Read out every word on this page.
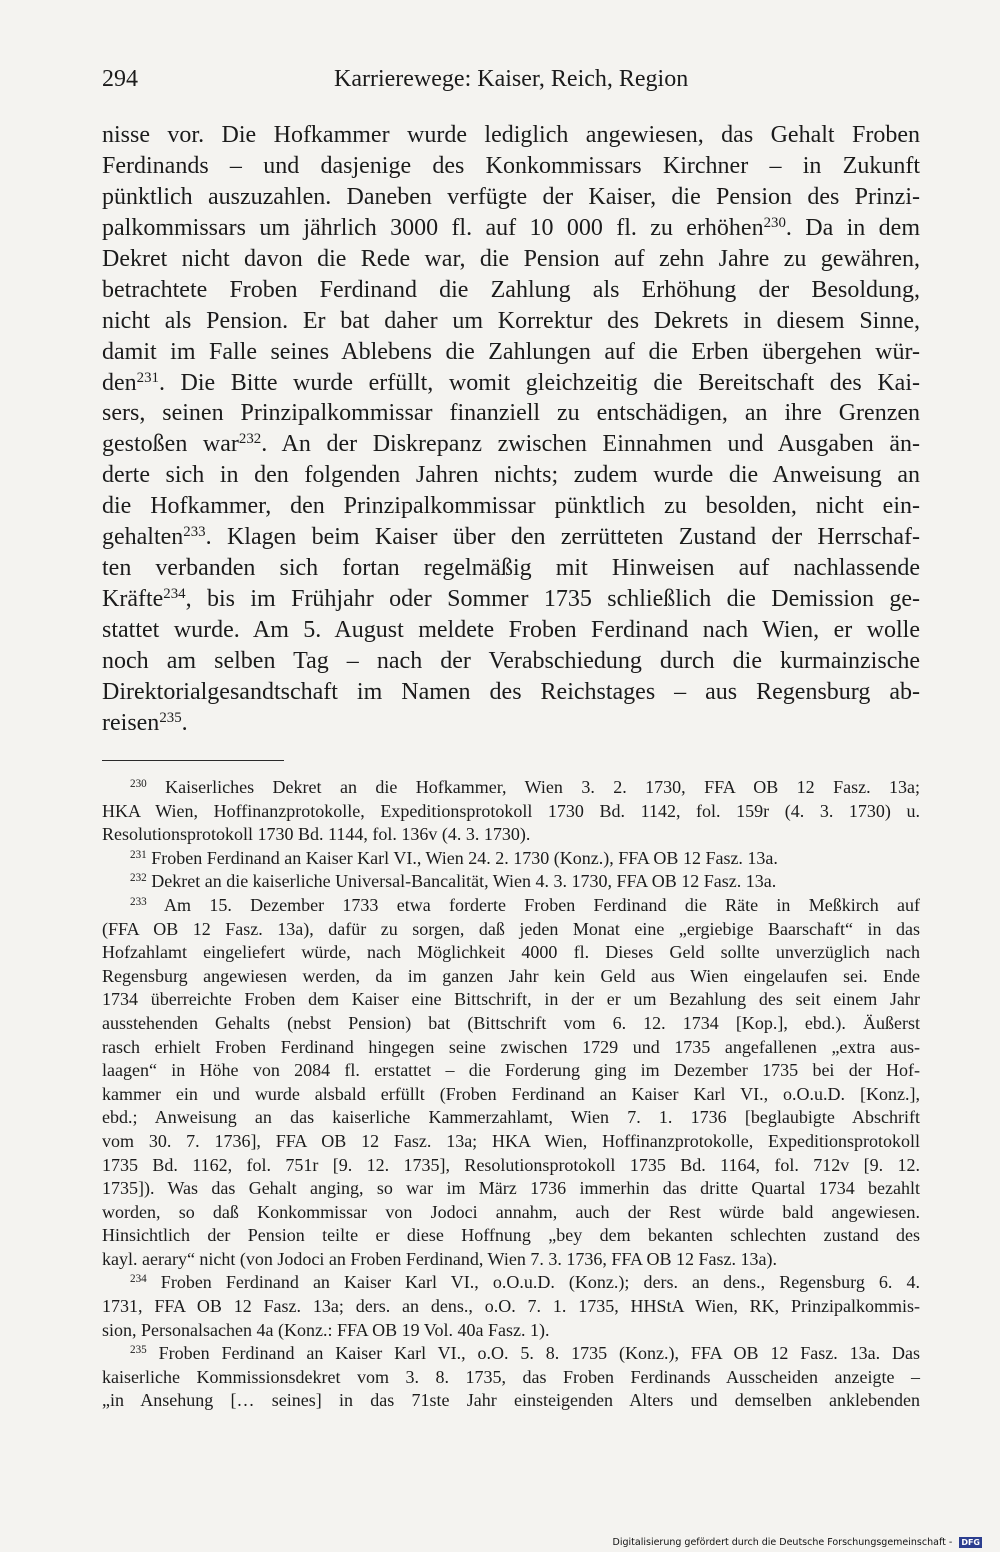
294	Karrierewege: Kaiser, Reich, Region
nisse vor. Die Hofkammer wurde lediglich angewiesen, das Gehalt Froben
Ferdinands – und dasjenige des Konkommissars Kirchner – in Zukunft
pünktlich auszuzahlen. Daneben verfügte der Kaiser, die Pension des Prinzi-
palkommissars um jährlich 3000 fl. auf 10 000 fl. zu erhöhen$^{230}$. Da in dem
Dekret nicht davon die Rede war, die Pension auf zehn Jahre zu gewähren,
betrachtete Froben Ferdinand die Zahlung als Erhöhung der Besoldung,
nicht als Pension. Er bat daher um Korrektur des Dekrets in diesem Sinne,
damit im Falle seines Ablebens die Zahlungen auf die Erben übergehen wür-
den$^{231}$. Die Bitte wurde erfüllt, womit gleichzeitig die Bereitschaft des Kai-
sers, seinen Prinzipalkommissar finanziell zu entschädigen, an ihre Grenzen
gestoßen war$^{232}$. An der Diskrepanz zwischen Einnahmen und Ausgaben än-
derte sich in den folgenden Jahren nichts; zudem wurde die Anweisung an
die Hofkammer, den Prinzipalkommissar pünktlich zu besolden, nicht ein-
gehalten$^{233}$. Klagen beim Kaiser über den zerrütteten Zustand der Herrschaf-
ten verbanden sich fortan regelmäßig mit Hinweisen auf nachlassende
Kräfte$^{234}$, bis im Frühjahr oder Sommer 1735 schließlich die Demission ge-
stattet wurde. Am 5. August meldete Froben Ferdinand nach Wien, er wolle
noch am selben Tag – nach der Verabschiedung durch die kurmainzische
Direktorialgesandtschaft im Namen des Reichstages – aus Regensburg ab-
reisen$^{235}$.
$^{230}$ Kaiserliches Dekret an die Hofkammer, Wien 3. 2. 1730, FFA OB 12 Fasz. 13a;
HKA Wien, Hoffinanzprotokolle, Expeditionsprotokoll 1730 Bd. 1142, fol. 159r (4. 3. 1730) u.
Resolutionsprotokoll 1730 Bd. 1144, fol. 136v (4. 3. 1730).
$^{231}$ Froben Ferdinand an Kaiser Karl VI., Wien 24. 2. 1730 (Konz.), FFA OB 12 Fasz. 13a.
$^{232}$ Dekret an die kaiserliche Universal-Bancalität, Wien 4. 3. 1730, FFA OB 12 Fasz. 13a.
$^{233}$ Am 15. Dezember 1733 etwa forderte Froben Ferdinand die Räte in Meßkirch auf
(FFA OB 12 Fasz. 13a), dafür zu sorgen, daß jeden Monat eine „ergiebige Baarschaft“ in das
Hofzahlamt eingeliefert würde, nach Möglichkeit 4000 fl. Dieses Geld sollte unverzüglich nach
Regensburg angewiesen werden, da im ganzen Jahr kein Geld aus Wien eingelaufen sei. Ende
1734 überreichte Froben dem Kaiser eine Bittschrift, in der er um Bezahlung des seit einem Jahr
ausstehenden Gehalts (nebst Pension) bat (Bittschrift vom 6. 12. 1734 [Kop.], ebd.). Äußerst
rasch erhielt Froben Ferdinand hingegen seine zwischen 1729 und 1735 angefallenen „extra aus-
laagen“ in Höhe von 2084 fl. erstattet – die Forderung ging im Dezember 1735 bei der Hof-
kammer ein und wurde alsbald erfüllt (Froben Ferdinand an Kaiser Karl VI., o.O.u.D. [Konz.],
ebd.; Anweisung an das kaiserliche Kammerzahlamt, Wien 7. 1. 1736 [beglaubigte Abschrift
vom 30. 7. 1736], FFA OB 12 Fasz. 13a; HKA Wien, Hoffinanzprotokolle, Expeditionsprotokoll
1735 Bd. 1162, fol. 751r [9. 12. 1735], Resolutionsprotokoll 1735 Bd. 1164, fol. 712v [9. 12.
1735]). Was das Gehalt anging, so war im März 1736 immerhin das dritte Quartal 1734 bezahlt
worden, so daß Konkommissar von Jodoci annahm, auch der Rest würde bald angewiesen.
Hinsichtlich der Pension teilte er diese Hoffnung „bey dem bekanten schlechten zustand des
kayl. aerary“ nicht (von Jodoci an Froben Ferdinand, Wien 7. 3. 1736, FFA OB 12 Fasz. 13a).
$^{234}$ Froben Ferdinand an Kaiser Karl VI., o.O.u.D. (Konz.); ders. an dens., Regensburg 6. 4.
1731, FFA OB 12 Fasz. 13a; ders. an dens., o.O. 7. 1. 1735, HHStA Wien, RK, Prinzipalkommis-
sion, Personalsachen 4a (Konz.: FFA OB 19 Vol. 40a Fasz. 1).
$^{235}$ Froben Ferdinand an Kaiser Karl VI., o.O. 5. 8. 1735 (Konz.), FFA OB 12 Fasz. 13a. Das
kaiserliche Kommissionsdekret vom 3. 8. 1735, das Froben Ferdinands Ausscheiden anzeigte –
„in Ansehung [… seines] in das 71ste Jahr einsteigenden Alters und demselben anklebenden
Digitalisierung gefördert durch die Deutsche Forschungsgemeinschaft - DFG
